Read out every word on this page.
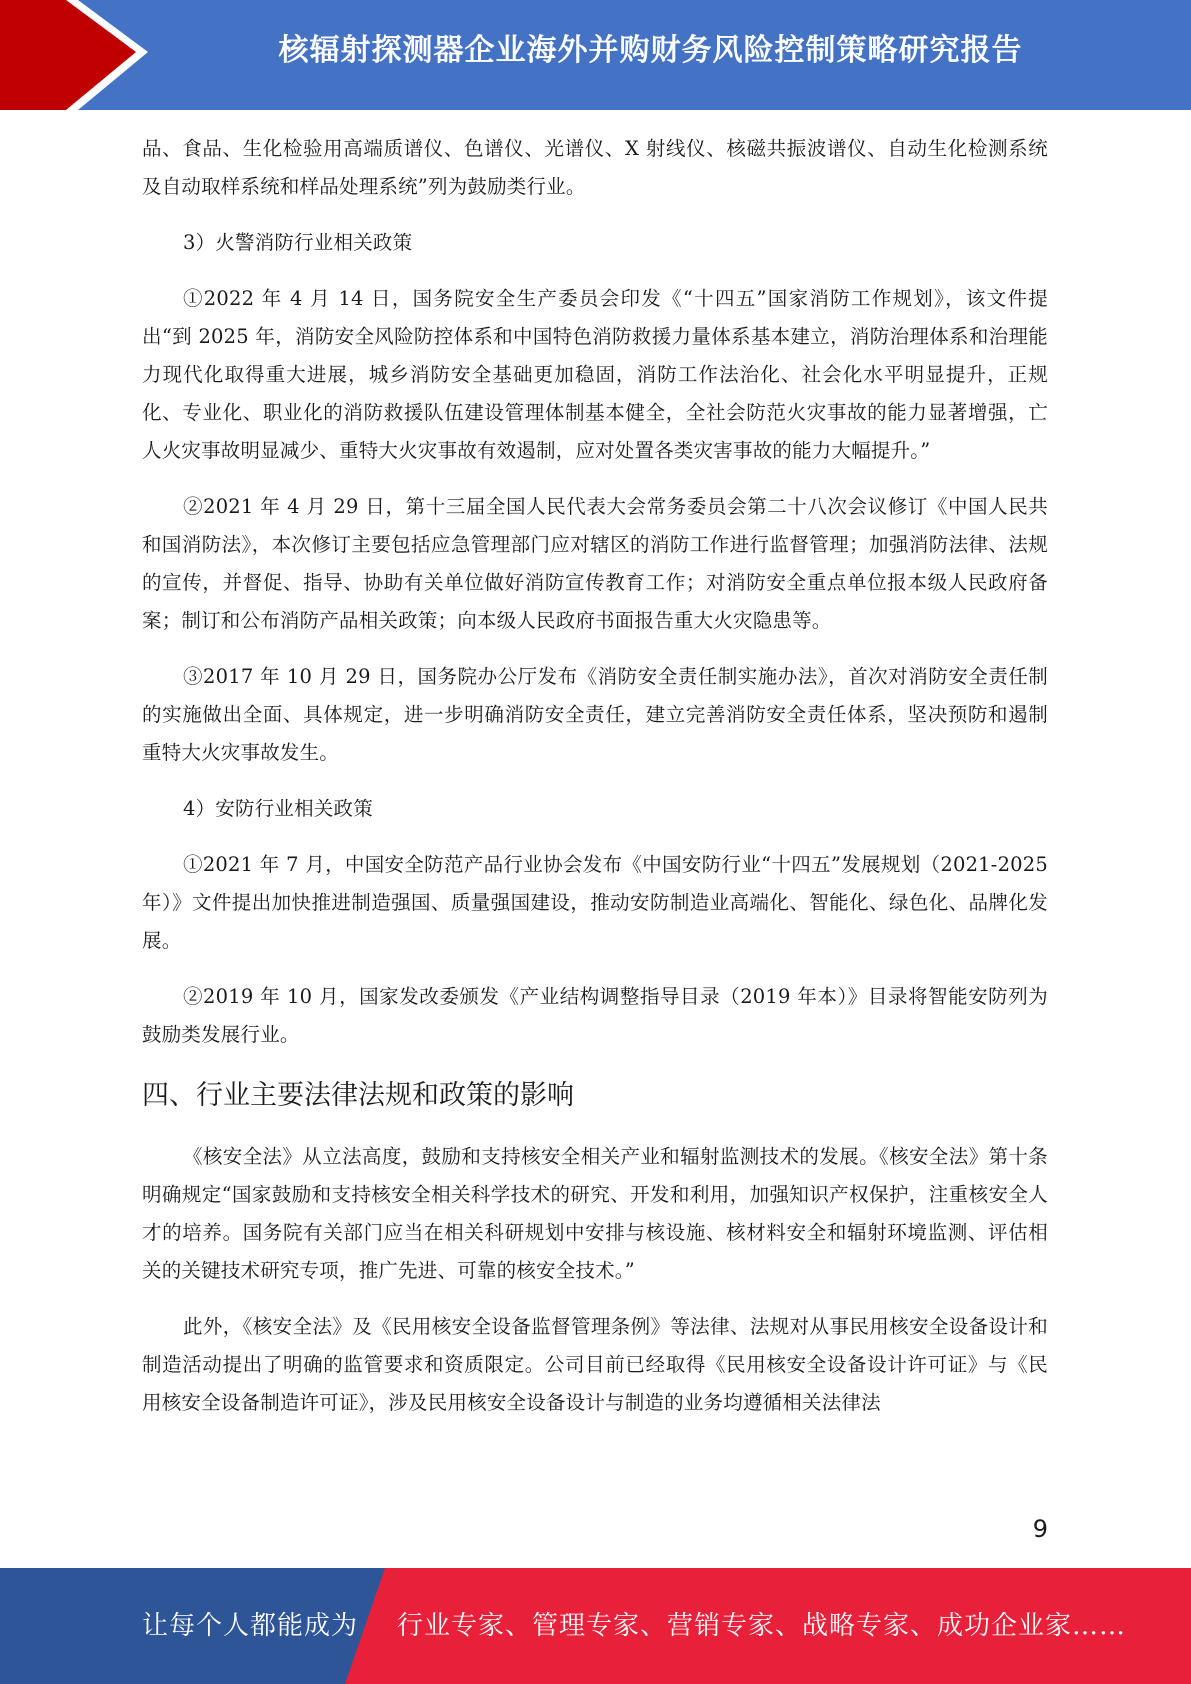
核辐射探测器企业海外并购财务风险控制策略研究报告

品、食品、生化检验用高端质谱仪、色谱仪、光谱仪、X 射线仪、核磁共振波谱仪、自动生化检测系统及自动取样系统和样品处理系统”列为鼓励类行业。

3）火警消防行业相关政策

①2022 年 4 月 14 日，国务院安全生产委员会印发《“十四五”国家消防工作规划》，该文件提出“到 2025 年，消防安全风险防控体系和中国特色消防救援力量体系基本建立，消防治理体系和治理能力现代化取得重大进展，城乡消防安全基础更加稳固，消防工作法治化、社会化水平明显提升，正规化、专业化、职业化的消防救援队伍建设管理体制基本健全，全社会防范火灾事故的能力显著增强，亡人火灾事故明显减少、重特大火灾事故有效遏制，应对处置各类灾害事故的能力大幅提升。”

②2021 年 4 月 29 日，第十三届全国人民代表大会常务委员会第二十八次会议修订《中国人民共和国消防法》，本次修订主要包括应急管理部门应对辖区的消防工作进行监督管理；加强消防法律、法规的宣传，并督促、指导、协助有关单位做好消防宣传教育工作；对消防安全重点单位报本级人民政府备案；制订和公布消防产品相关政策；向本级人民政府书面报告重大火灾隐患等。

③2017 年 10 月 29 日，国务院办公厅发布《消防安全责任制实施办法》，首次对消防安全责任制的实施做出全面、具体规定，进一步明确消防安全责任，建立完善消防安全责任体系，坚决预防和遏制重特大火灾事故发生。

4）安防行业相关政策

①2021 年 7 月，中国安全防范产品行业协会发布《中国安防行业“十四五”发展规划（2021-2025 年）》文件提出加快推进制造强国、质量强国建设，推动安防制造业高端化、智能化、绿色化、品牌化发展。

②2019 年 10 月，国家发改委颁发《产业结构调整指导目录（2019 年本）》目录将智能安防列为鼓励类发展行业。

四、行业主要法律法规和政策的影响

《核安全法》从立法高度，鼓励和支持核安全相关产业和辐射监测技术的发展。《核安全法》第十条明确规定“国家鼓励和支持核安全相关科学技术的研究、开发和利用，加强知识产权保护，注重核安全人才的培养。国务院有关部门应当在相关科研规划中安排与核设施、核材料安全和辐射环境监测、评估相关的关键技术研究专项，推广先进、可靠的核安全技术。”

此外，《核安全法》及《民用核安全设备监督管理条例》等法律、法规对从事民用核安全设备设计和制造活动提出了明确的监管要求和资质限定。公司目前已经取得《民用核安全设备设计许可证》与《民用核安全设备制造许可证》，涉及民用核安全设备设计与制造的业务均遵循相关法律法

9
让每个人都能成为 行业专家、管理专家、营销专家、战略专家、成功企业家……
